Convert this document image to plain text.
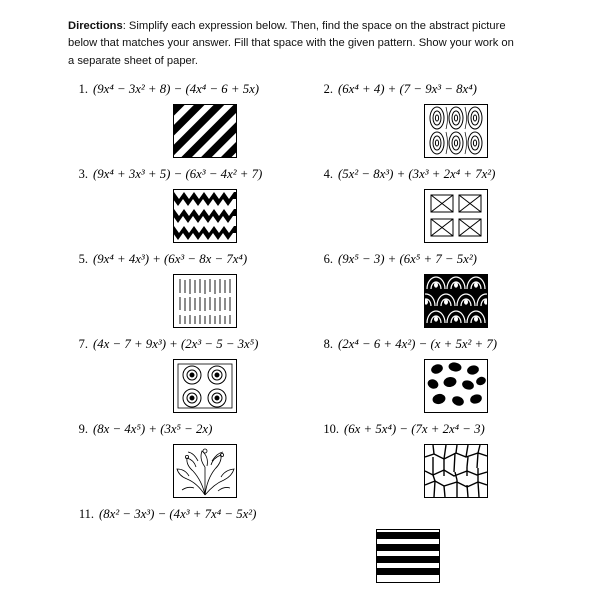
Directions: Simplify each expression below. Then, find the space on the abstract picture below that matches your answer. Fill that space with the given pattern. Show your work on a separate sheet of paper.
1. (9x⁴ − 3x² + 8) − (4x⁴ − 6 + 5x)	2. (6x⁴ + 4) + (7 − 9x³ − 8x⁴)
3. (9x⁴ + 3x³ + 5) − (6x³ − 4x² + 7)	4. (5x² − 8x³) + (3x³ + 2x⁴ + 7x²)
5. (9x⁴ + 4x³) + (6x³ − 8x − 7x⁴)	6. (9x⁵ − 3) + (6x⁵ + 7 − 5x²)
7. (4x − 7 + 9x³) + (2x³ − 5 − 3x⁵)	8. (2x⁴ − 6 + 4x²) − (x + 5x² + 7)
9. (8x − 4x⁵) + (3x⁵ − 2x)	10. (6x + 5x⁴) − (7x + 2x⁴ − 3)
11. (8x² − 3x³) − (4x³ + 7x⁴ − 5x²)
